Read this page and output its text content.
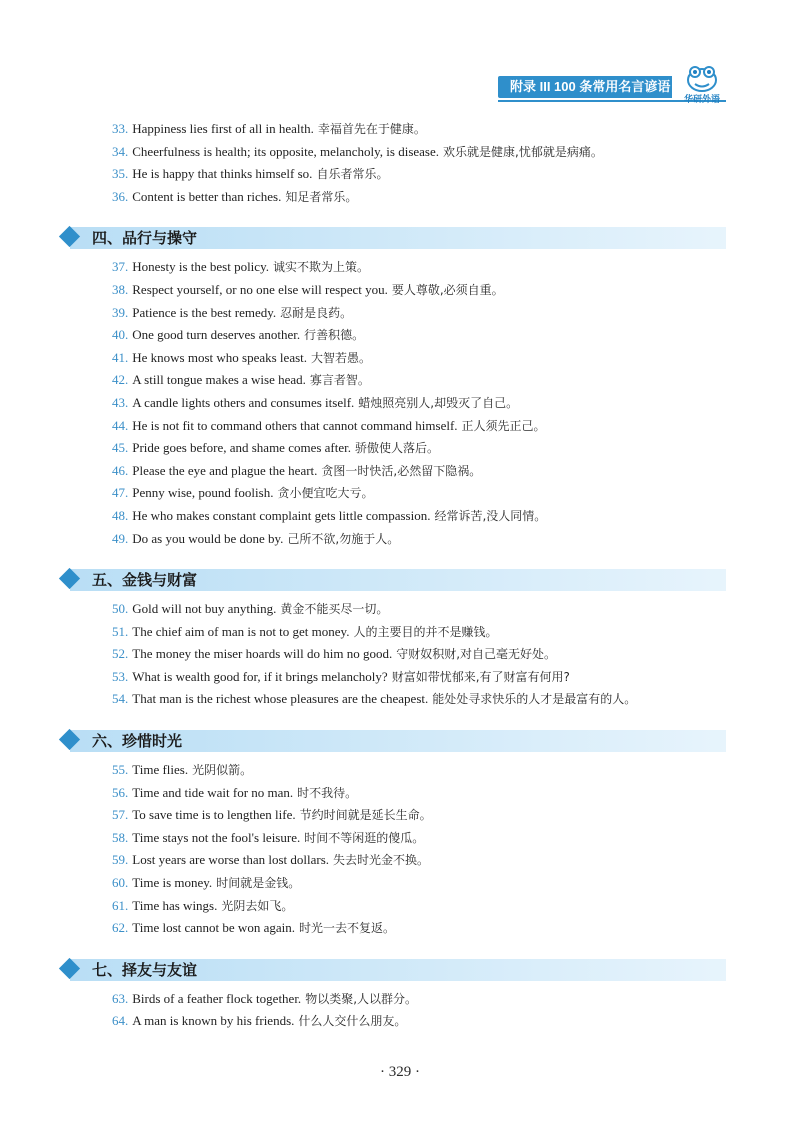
附录 III 100 条常用名言谚语
华研外语
33. Happiness lies first of all in health. 幸福首先在于健康。
34. Cheerfulness is health; its opposite, melancholy, is disease. 欢乐就是健康,忧郁就是病痛。
35. He is happy that thinks himself so. 自乐者常乐。
36. Content is better than riches. 知足者常乐。
四、品行与操守
37. Honesty is the best policy. 诚实不欺为上策。
38. Respect yourself, or no one else will respect you. 要人尊敬,必须自重。
39. Patience is the best remedy. 忍耐是良药。
40. One good turn deserves another. 行善积德。
41. He knows most who speaks least. 大智若愚。
42. A still tongue makes a wise head. 寡言者智。
43. A candle lights others and consumes itself. 蜡烛照亮别人,却毁灭了自己。
44. He is not fit to command others that cannot command himself. 正人须先正己。
45. Pride goes before, and shame comes after. 骄傲使人落后。
46. Please the eye and plague the heart. 贪图一时快活,必然留下隐祸。
47. Penny wise, pound foolish. 贪小便宜吃大亏。
48. He who makes constant complaint gets little compassion. 经常诉苦,没人同情。
49. Do as you would be done by. 己所不欲,勿施于人。
五、金钱与财富
50. Gold will not buy anything. 黄金不能买尽一切。
51. The chief aim of man is not to get money. 人的主要目的并不是赚钱。
52. The money the miser hoards will do him no good. 守财奴积财,对自己毫无好处。
53. What is wealth good for, if it brings melancholy? 财富如带忧郁来,有了财富有何用?
54. That man is the richest whose pleasures are the cheapest. 能处处寻求快乐的人才是最富有的人。
六、珍惜时光
55. Time flies. 光阴似箭。
56. Time and tide wait for no man. 时不我待。
57. To save time is to lengthen life. 节约时间就是延长生命。
58. Time stays not the fool's leisure. 时间不等闲逛的傻瓜。
59. Lost years are worse than lost dollars. 失去时光金不换。
60. Time is money. 时间就是金钱。
61. Time has wings. 光阴去如飞。
62. Time lost cannot be won again. 时光一去不复返。
七、择友与友谊
63. Birds of a feather flock together. 物以类聚,人以群分。
64. A man is known by his friends. 什么人交什么朋友。
· 329 ·
